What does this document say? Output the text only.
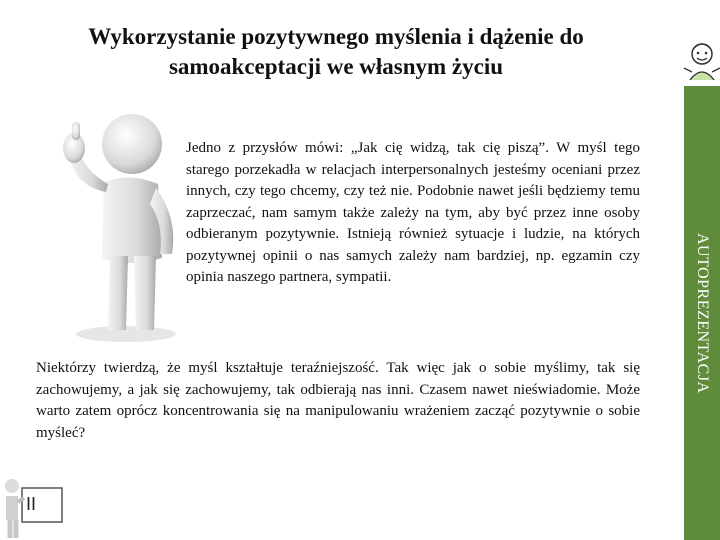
Wykorzystanie pozytywnego myślenia i dążenie do samoakceptacji we własnym życiu
AUTOPREZENTACJA

Jedno z przysłów mówi: „Jak cię widzą, tak cię piszą”. W myśl tego starego porzekadła w relacjach interpersonalnych jesteśmy oceniani przez innych, czy tego chcemy, czy też nie. Podobnie nawet jeśli będziemy temu zaprzeczać, nam samym także zależy na tym, aby być przez inne osoby odbieranym pozytywnie. Istnieją również sytuacje i ludzie, na których pozytywnej opinii o nas samych zależy nam bardziej, np. egzamin czy opinia naszego partnera, sympatii.

Niektórzy twierdzą, że myśl kształtuje teraźniejszość. Tak więc jak o sobie myślimy, tak się zachowujemy, a jak się zachowujemy, tak odbierają nas inni. Czasem nawet nieświadomie. Może warto zatem oprócz koncentrowania się na manipulowaniu wrażeniem zacząć pozytywnie o sobie myśleć?

II
